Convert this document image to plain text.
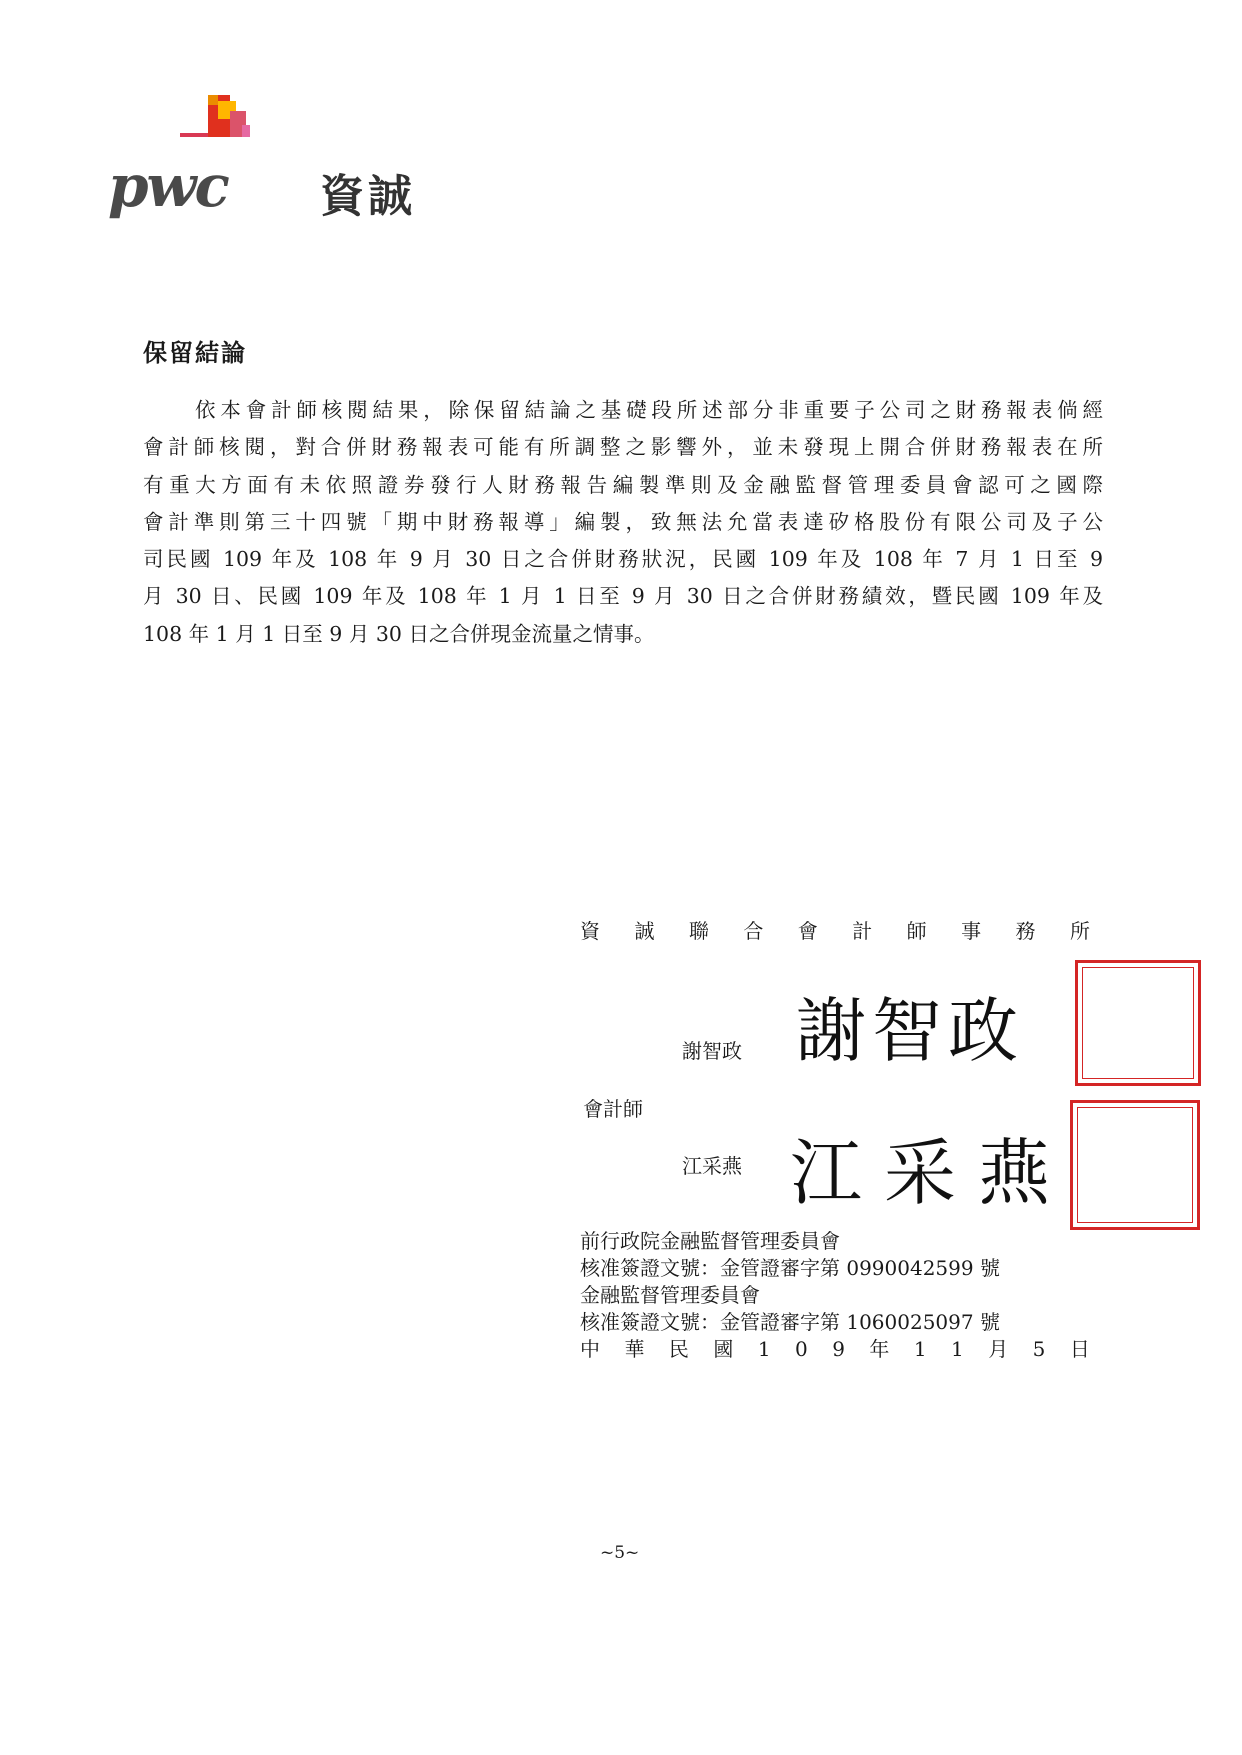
pwc 資誠
保留結論
依本會計師核閱結果，除保留結論之基礎段所述部分非重要子公司之財務報表倘經
會計師核閱，對合併財務報表可能有所調整之影響外，並未發現上開合併財務報表在所
有重大方面有未依照證券發行人財務報告編製準則及金融監督管理委員會認可之國際
會計準則第三十四號「期中財務報導」編製，致無法允當表達矽格股份有限公司及子公
司民國 109 年及 108 年 9 月 30 日之合併財務狀況，民國 109 年及 108 年 7 月 1 日至 9
月 30 日、民國 109 年及 108 年 1 月 1 日至 9 月 30 日之合併財務績效，暨民國 109 年及
108 年 1 月 1 日至 9 月 30 日之合併現金流量之情事。
資 誠 聯 合 會 計 師 事 務 所
謝智政 謝智政
會計師
江采燕 江采燕
前行政院金融監督管理委員會
核准簽證文號：金管證審字第 0990042599 號
金融監督管理委員會
核准簽證文號：金管證審字第 1060025097 號
中 華 民 國 1 0 9 年 1 1 月 5 日
~5~
